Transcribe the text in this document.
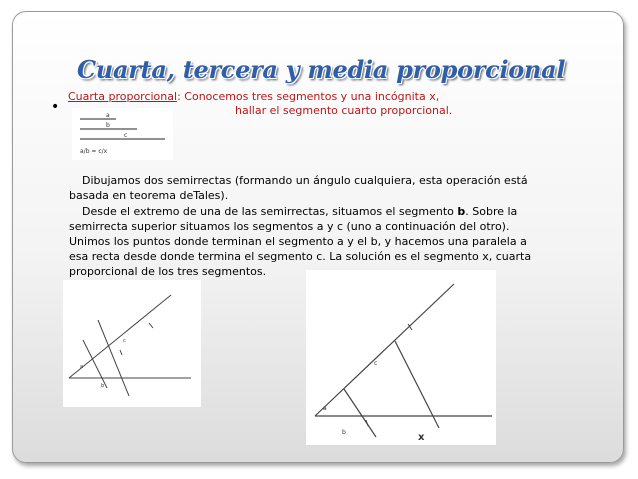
Cuarta, tercera y media proporcional
•
Cuarta proporcional: Conocemos tres segmentos y una incógnita x,
hallar el segmento cuarto proporcional.
a
b
c
a/b = c/x

Dibujamos dos semirrectas (formando un ángulo cualquiera, esta operación está

basada en teorema deTales).

Desde el extremo de una de las semirrectas, situamos el segmento b. Sobre la

semirrecta superior situamos los segmentos a y c (uno a continuación del otro).

Unimos los puntos donde terminan el segmento a y el b, y hacemos una paralela a

esa recta desde donde termina el segmento c. La solución es el segmento x, cuarta

proporcional de los tres segmentos.

c
a
b
c
a
b	x
